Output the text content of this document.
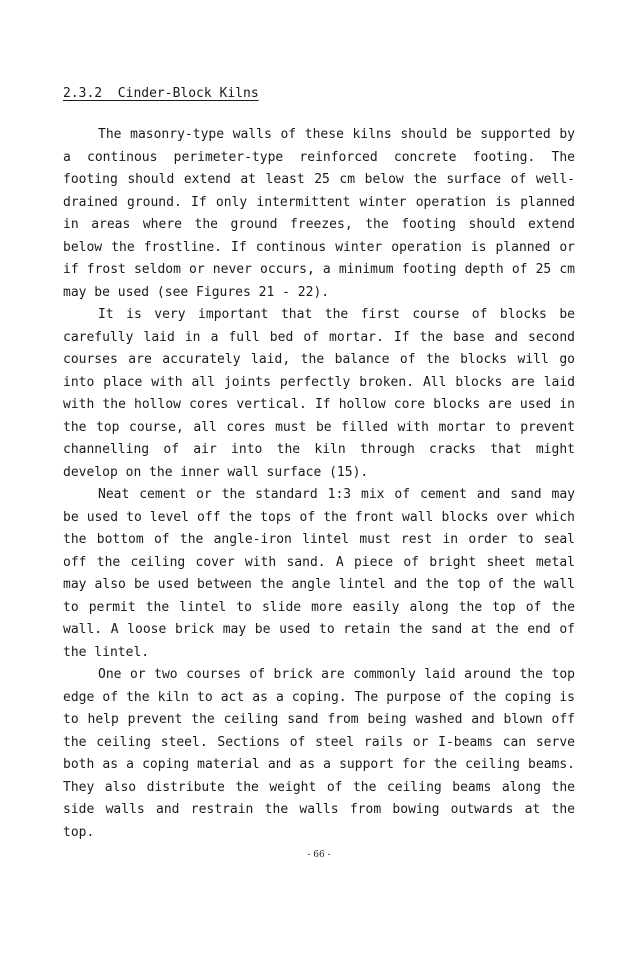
2.3.2  Cinder-Block Kilns

The masonry-type walls of these kilns should be supported by a continous perimeter-type reinforced concrete footing. The footing should extend at least 25 cm below the surface of well-drained ground. If only intermittent winter operation is planned in areas where the ground freezes, the footing should extend below the frostline. If continous winter operation is planned or if frost seldom or never occurs, a minimum footing depth of 25 cm may be used (see Figures 21 - 22).

It is very important that the first course of blocks be carefully laid in a full bed of mortar. If the base and second courses are accurately laid, the balance of the blocks will go into place with all joints perfectly broken. All blocks are laid with the hollow cores vertical. If hollow core blocks are used in the top course, all cores must be filled with mortar to prevent channelling of air into the kiln through cracks that might develop on the inner wall surface (15).

Neat cement or the standard 1:3 mix of cement and sand may be used to level off the tops of the front wall blocks over which the bottom of the angle-iron lintel must rest in order to seal off the ceiling cover with sand. A piece of bright sheet metal may also be used between the angle lintel and the top of the wall to permit the lintel to slide more easily along the top of the wall. A loose brick may be used to retain the sand at the end of the lintel.

One or two courses of brick are commonly laid around the top edge of the kiln to act as a coping. The purpose of the coping is to help prevent the ceiling sand from being washed and blown off the ceiling steel. Sections of steel rails or I-beams can serve both as a coping material and as a support for the ceiling beams. They also distribute the weight of the ceiling beams along the side walls and restrain the walls from bowing outwards at the top.

- 66 -
